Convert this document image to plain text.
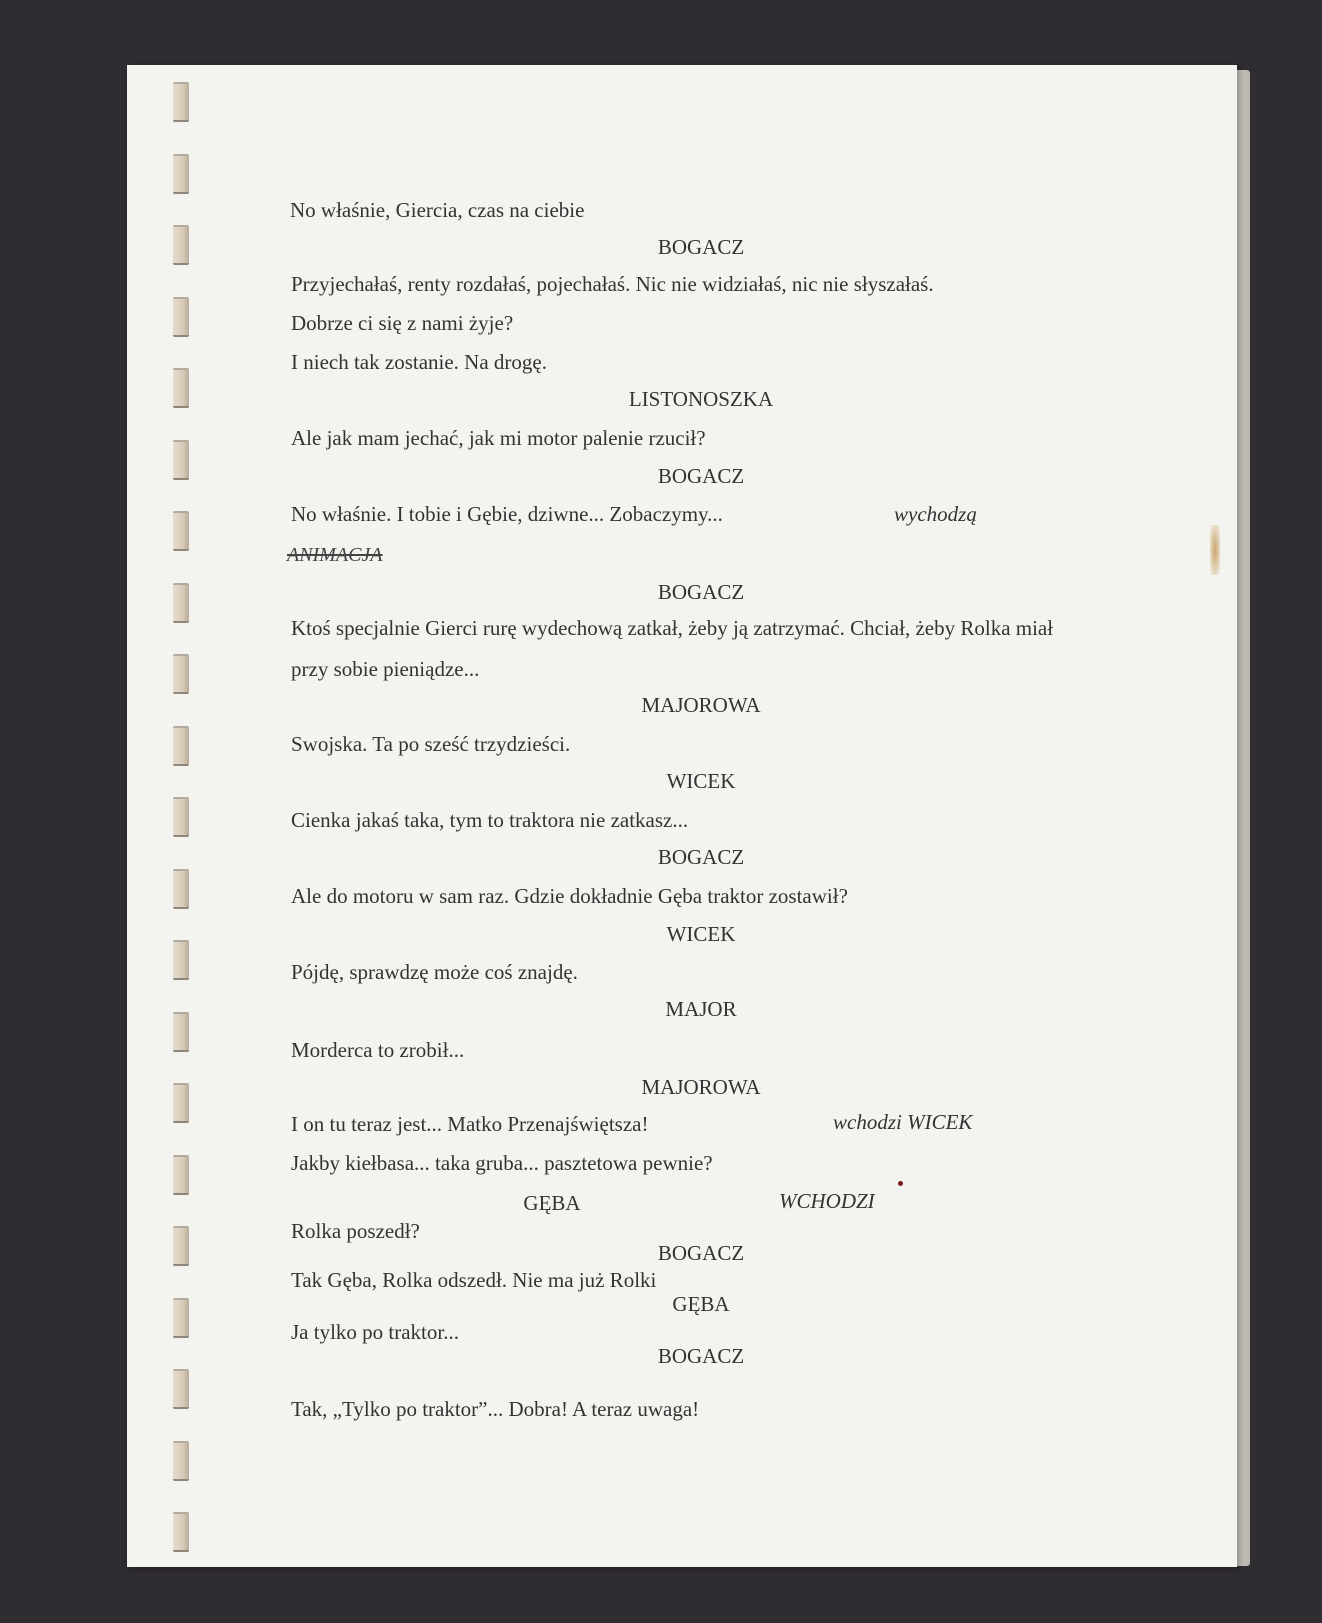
No właśnie, Giercia, czas na ciebie
BOGACZ
Przyjechałaś, renty rozdałaś, pojechałaś. Nic nie widziałaś, nic nie słyszałaś.
Dobrze ci się z nami żyje?
I niech tak zostanie. Na drogę.
LISTONOSZKA
Ale jak mam jechać, jak mi motor palenie rzucił?
BOGACZ
No właśnie. I tobie i Gębie, dziwne... Zobaczymy...	wychodzą
ANIMACJA
BOGACZ
Ktoś specjalnie Gierci rurę wydechową zatkał, żeby ją zatrzymać. Chciał, żeby Rolka miał
przy sobie pieniądze...
MAJOROWA
Swojska. Ta po sześć trzydzieści.
WICEK
Cienka jakaś taka, tym to traktora nie zatkasz...
BOGACZ
Ale do motoru w sam raz. Gdzie dokładnie Gęba traktor zostawił?
WICEK
Pójdę, sprawdzę może coś znajdę.
MAJOR
Morderca to zrobił...
MAJOROWA
I on tu teraz jest... Matko Przenajświętsza!	wchodzi WICEK
Jakby kiełbasa... taka gruba... pasztetowa pewnie?
GĘBA	WCHODZI
Rolka poszedł?
BOGACZ
Tak Gęba, Rolka odszedł. Nie ma już Rolki
GĘBA
Ja tylko po traktor...
BOGACZ
Tak, „Tylko po traktor”... Dobra! A teraz uwaga!
